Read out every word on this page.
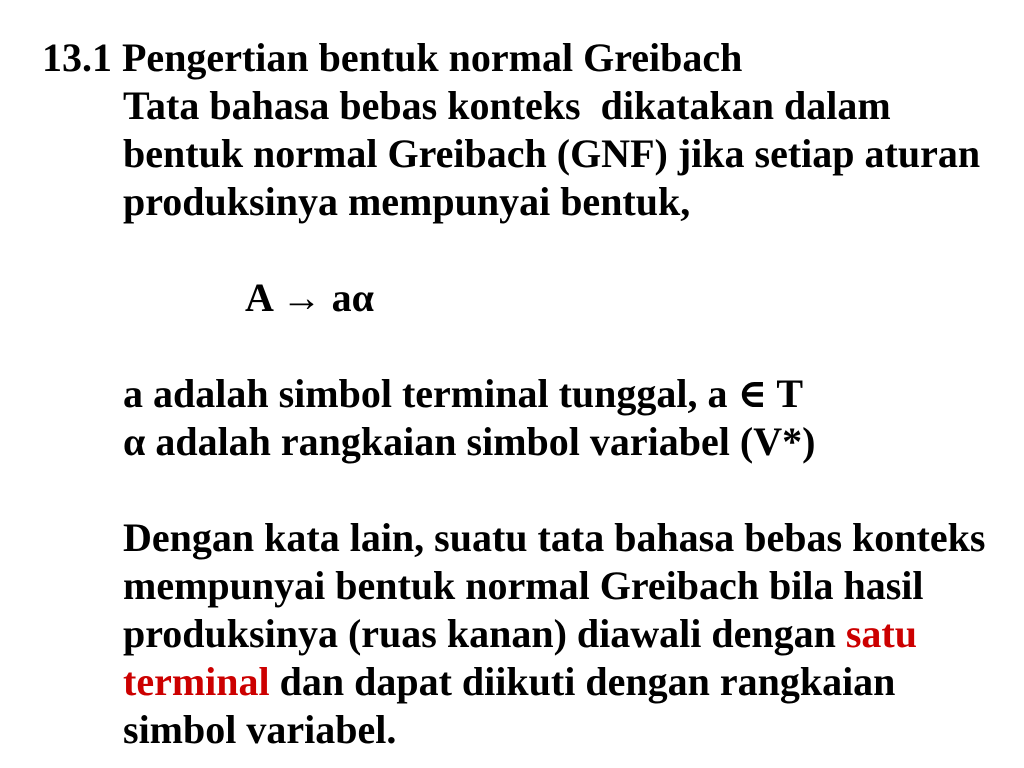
13.1 Pengertian bentuk normal Greibach
Tata bahasa bebas konteks  dikatakan dalam
bentuk normal Greibach (GNF) jika setiap aturan
produksinya mempunyai bentuk,
A → aα
a adalah simbol terminal tunggal, a ∈ T
α adalah rangkaian simbol variabel (V*)
Dengan kata lain, suatu tata bahasa bebas konteks
mempunyai bentuk normal Greibach bila hasil
produksinya (ruas kanan) diawali dengan satu
terminal dan dapat diikuti dengan rangkaian
simbol variabel.
